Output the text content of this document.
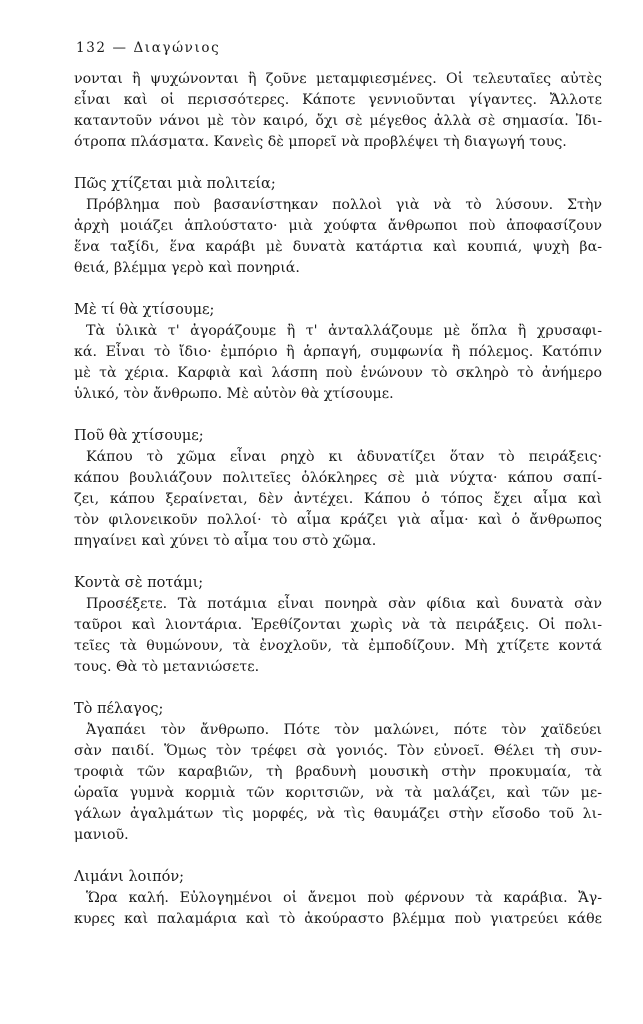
132 — Διαγώνιος
νονται ἢ ψυχώνονται ἢ ζοῦνε μεταμφιεσμένες. Οἱ τελευταῖες αὐτὲς
εἶναι καὶ οἱ περισσότερες. Κάποτε γεννιοῦνται γίγαντες. Ἄλλοτε
καταντοῦν νάνοι μὲ τὸν καιρό, ὄχι σὲ μέγεθος ἀλλὰ σὲ σημασία. Ἰδι-
ότροπα πλάσματα. Κανεὶς δὲ μπορεῖ νὰ προβλέψει τὴ διαγωγή τους.
Πῶς χτίζεται μιὰ πολιτεία;
Πρόβλημα ποὺ βασανίστηκαν πολλοὶ γιὰ νὰ τὸ λύσουν. Στὴν
ἀρχὴ μοιάζει ἁπλούστατο· μιὰ χούφτα ἄνθρωποι ποὺ ἀποφασίζουν
ἕνα ταξίδι, ἕνα καράβι μὲ δυνατὰ κατάρτια καὶ κουπιά, ψυχὴ βα-
θειά, βλέμμα γερὸ καὶ πονηριά.
Μὲ τί θὰ χτίσουμε;
Τὰ ὑλικὰ τ' ἀγοράζουμε ἢ τ' ἀνταλλάζουμε μὲ ὅπλα ἢ χρυσαφι-
κά. Εἶναι τὸ ἴδιο· ἐμπόριο ἢ ἁρπαγή, συμφωνία ἢ πόλεμος. Κατόπιν
μὲ τὰ χέρια. Καρφιὰ καὶ λάσπη ποὺ ἑνώνουν τὸ σκληρὸ τὸ ἀνήμερο
ὑλικό, τὸν ἄνθρωπο. Μὲ αὐτὸν θὰ χτίσουμε.
Ποῦ θὰ χτίσουμε;
Κάπου τὸ χῶμα εἶναι ρηχὸ κι ἀδυνατίζει ὅταν τὸ πειράξεις·
κάπου βουλιάζουν πολιτεῖες ὁλόκληρες σὲ μιὰ νύχτα· κάπου σαπί-
ζει, κάπου ξεραίνεται, δὲν ἀντέχει. Κάπου ὁ τόπος ἔχει αἷμα καὶ
τὸν φιλονεικοῦν πολλοί· τὸ αἷμα κράζει γιὰ αἷμα· καὶ ὁ ἄνθρωπος
πηγαίνει καὶ χύνει τὸ αἷμα του στὸ χῶμα.
Κοντὰ σὲ ποτάμι;
Προσέξετε. Τὰ ποτάμια εἶναι πονηρὰ σὰν φίδια καὶ δυνατὰ σὰν
ταῦροι καὶ λιοντάρια. Ἐρεθίζονται χωρὶς νὰ τὰ πειράξεις. Οἱ πολι-
τεῖες τὰ θυμώνουν, τὰ ἐνοχλοῦν, τὰ ἐμποδίζουν. Μὴ χτίζετε κοντά
τους. Θὰ τὸ μετανιώσετε.
Τὸ πέλαγος;
Ἀγαπάει τὸν ἄνθρωπο. Πότε τὸν μαλώνει, πότε τὸν χαϊδεύει
σὰν παιδί. Ὅμως τὸν τρέφει σὰ γονιός. Τὸν εὐνοεῖ. Θέλει τὴ συν-
τροφιὰ τῶν καραβιῶν, τὴ βραδυνὴ μουσικὴ στὴν προκυμαία, τὰ
ὡραῖα γυμνὰ κορμιὰ τῶν κοριτσιῶν, νὰ τὰ μαλάζει, καὶ τῶν με-
γάλων ἀγαλμάτων τὶς μορφές, νὰ τὶς θαυμάζει στὴν εἴσοδο τοῦ λι-
μανιοῦ.
Λιμάνι λοιπόν;
Ὥρα καλή. Εὐλογημένοι οἱ ἄνεμοι ποὺ φέρνουν τὰ καράβια. Ἄγ-
κυρες καὶ παλαμάρια καὶ τὸ ἀκούραστο βλέμμα ποὺ γιατρεύει κάθε
